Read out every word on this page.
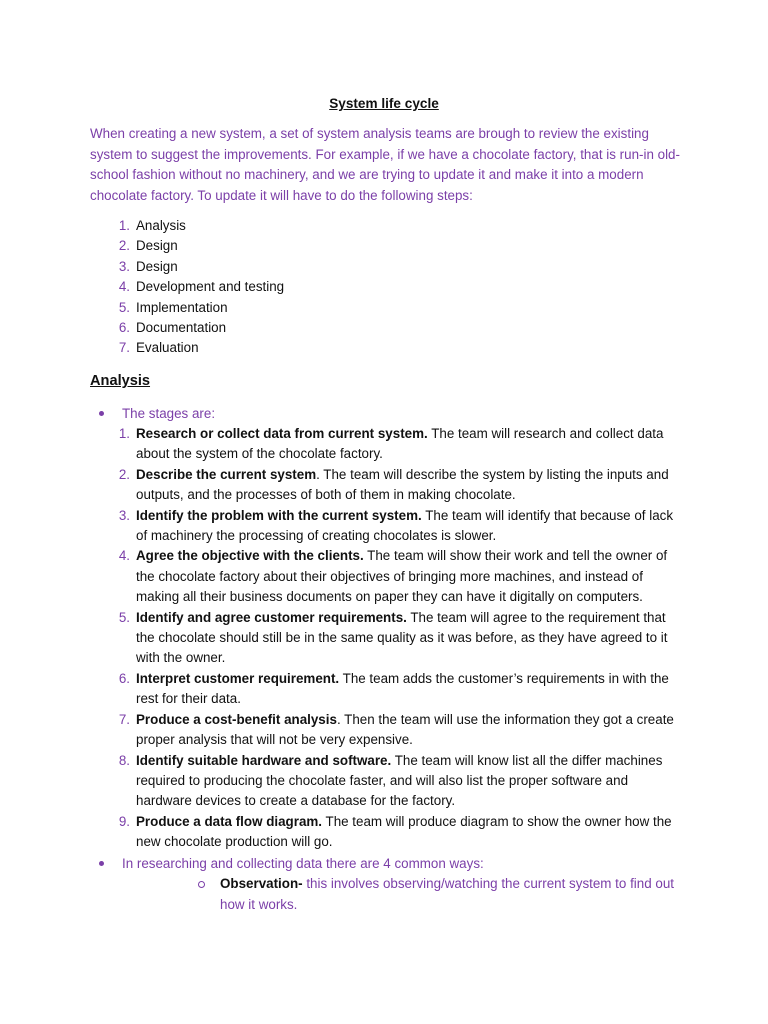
System life cycle

When creating a new system, a set of system analysis teams are brough to review the existing system to suggest the improvements. For example, if we have a chocolate factory, that is run-in old-school fashion without no machinery, and we are trying to update it and make it into a modern chocolate factory. To update it will have to do the following steps:

1. Analysis
2. Design
3. Design
4. Development and testing
5. Implementation
6. Documentation
7. Evaluation
Analysis
The stages are:
1. Research or collect data from current system. The team will research and collect data about the system of the chocolate factory.
2. Describe the current system. The team will describe the system by listing the inputs and outputs, and the processes of both of them in making chocolate.
3. Identify the problem with the current system. The team will identify that because of lack of machinery the processing of creating chocolates is slower.
4. Agree the objective with the clients. The team will show their work and tell the owner of the chocolate factory about their objectives of bringing more machines, and instead of making all their business documents on paper they can have it digitally on computers.
5. Identify and agree customer requirements. The team will agree to the requirement that the chocolate should still be in the same quality as it was before, as they have agreed to it with the owner.
6. Interpret customer requirement. The team adds the customer’s requirements in with the rest for their data.
7. Produce a cost-benefit analysis. Then the team will use the information they got a create proper analysis that will not be very expensive.
8. Identify suitable hardware and software. The team will know list all the differ machines required to producing the chocolate faster, and will also list the proper software and hardware devices to create a database for the factory.
9. Produce a data flow diagram. The team will produce diagram to show the owner how the new chocolate production will go.
In researching and collecting data there are 4 common ways:
Observation- this involves observing/watching the current system to find out how it works.
